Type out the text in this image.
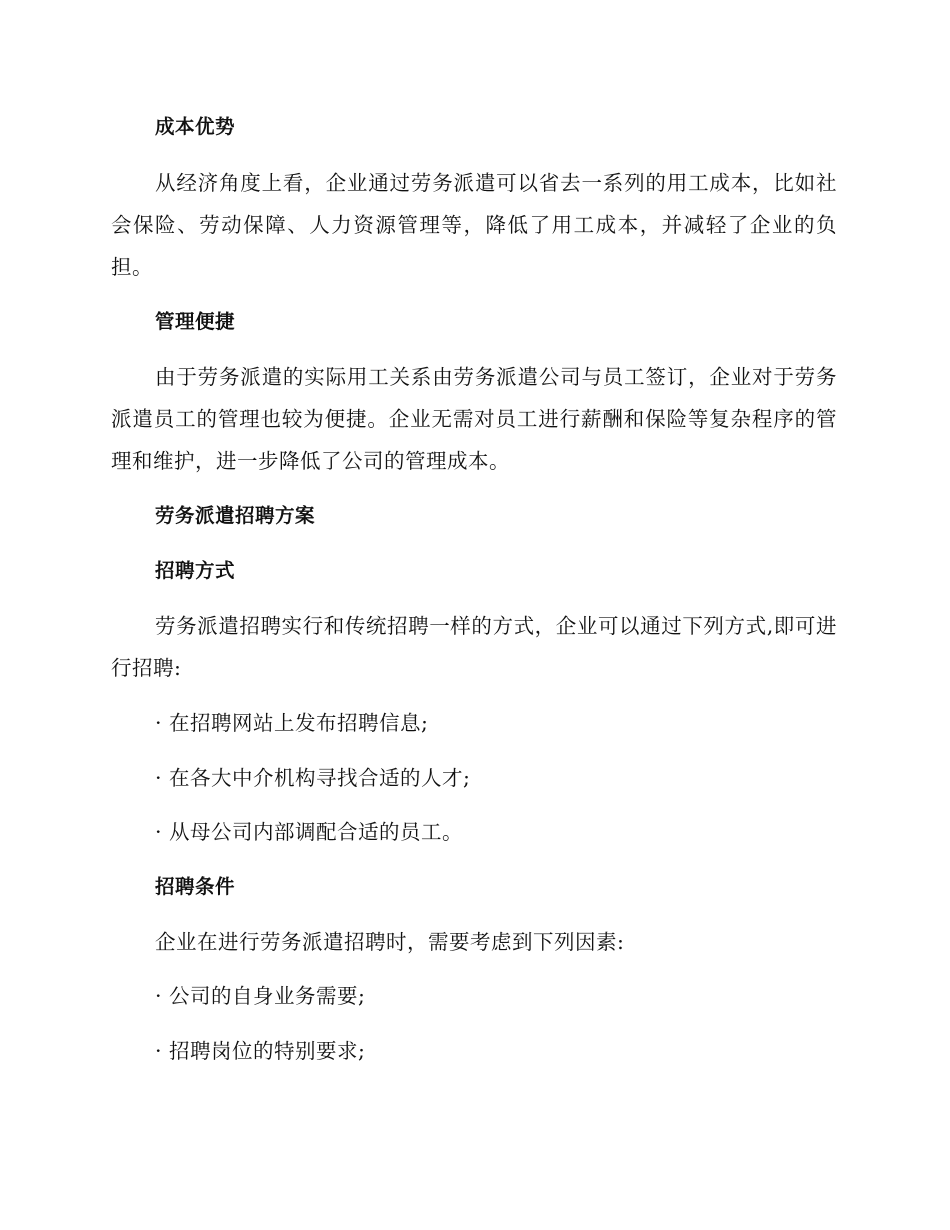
成本优势

从经济角度上看，企业通过劳务派遣可以省去一系列的用工成本，比如社会保险、劳动保障、人力资源管理等，降低了用工成本，并减轻了企业的负担。

管理便捷

由于劳务派遣的实际用工关系由劳务派遣公司与员工签订，企业对于劳务派遣员工的管理也较为便捷。企业无需对员工进行薪酬和保险等复杂程序的管理和维护，进一步降低了公司的管理成本。

劳务派遣招聘方案

招聘方式

劳务派遣招聘实行和传统招聘一样的方式，企业可以通过下列方式,即可进行招聘:

· 在招聘网站上发布招聘信息;

· 在各大中介机构寻找合适的人才;

· 从母公司内部调配合适的员工。

招聘条件

企业在进行劳务派遣招聘时，需要考虑到下列因素:

· 公司的自身业务需要;

· 招聘岗位的特别要求;
